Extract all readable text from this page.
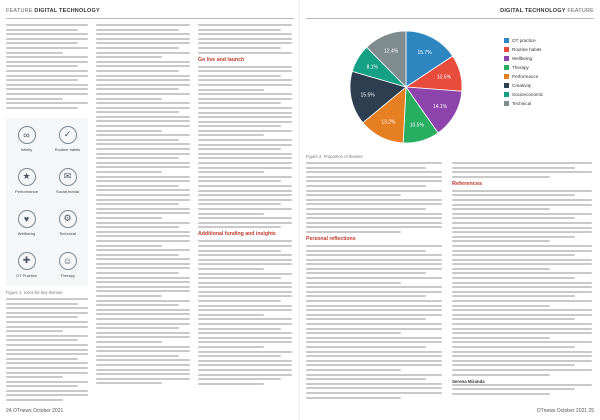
FEATURE DIGITAL TECHNOLOGY
∞
Infinity
✓
Routine habits
★
Performance
✉
Social media
♥
Wellbeing
⚙
Technical
✚
OT Practice
☺
Therapy
Figure 1: Icons for key themes
Go live and launch
Additional funding and insights
24 OTnews October 2021
DIGITAL TECHNOLOGY FEATURE
15.7%
10.5%
14.1%
10.5%
13.2%
15.5%
8.1%
12.4%
OT practice
Routine habits
Wellbeing
Therapy
Performance
Creativity
Socioeconomic
Technical
Figure 2: Proportion of themes
Personal reflections
References
Serena Miranda
OTnews October 2021 25
